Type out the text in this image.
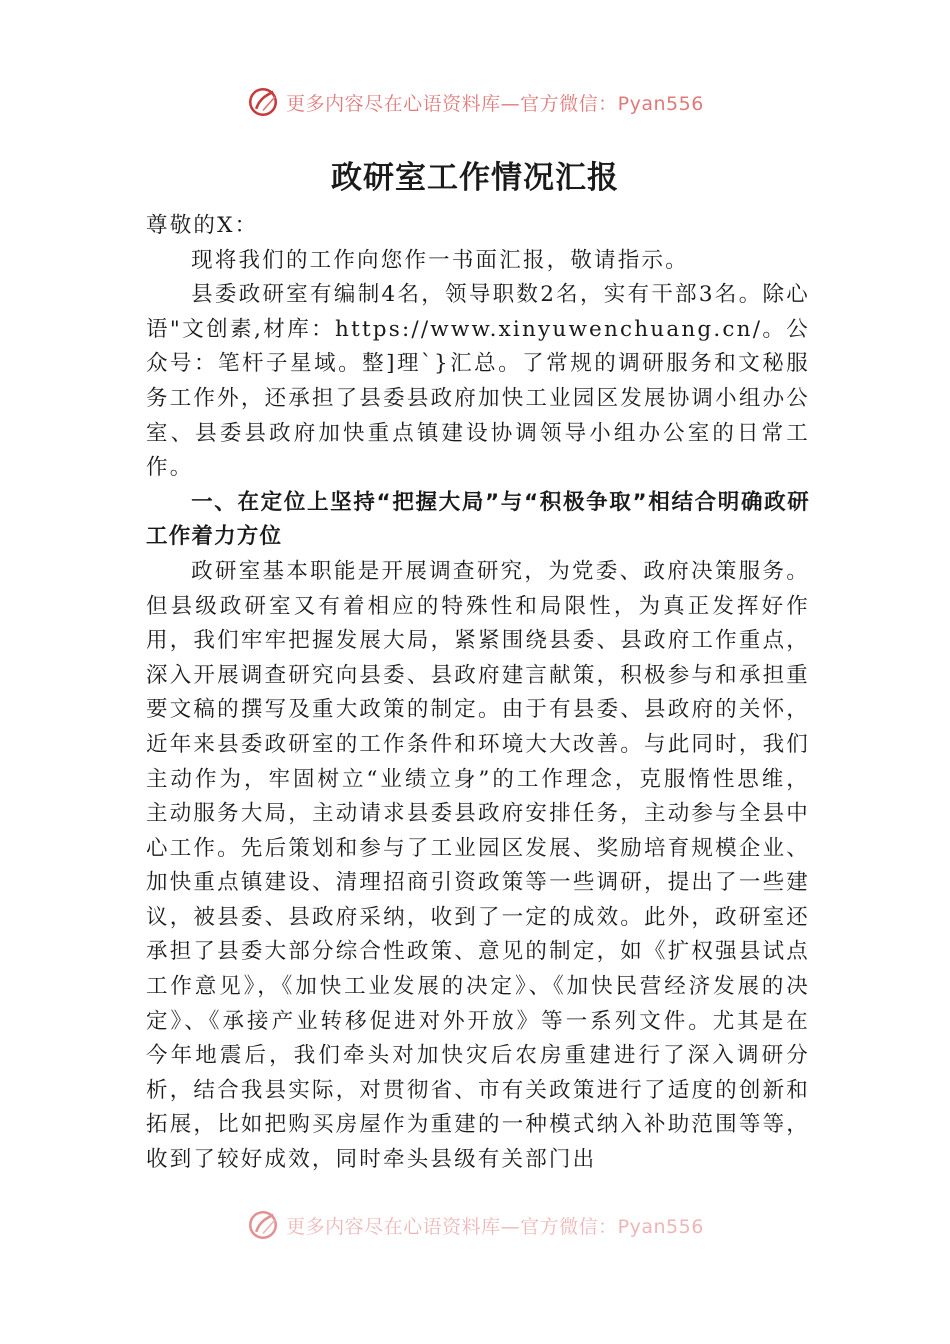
更多内容尽在心语资料库—官方微信：Pyan556
政研室工作情况汇报

尊敬的X：

现将我们的工作向您作一书面汇报，敬请指示。

县委政研室有编制4名，领导职数2名，实有干部3名。除心语"文创素,材库：https://www.xinyuwenchuang.cn/。公众号：笔杆子星域。整]理`}汇总。了常规的调研服务和文秘服务工作外，还承担了县委县政府加快工业园区发展协调小组办公室、县委县政府加快重点镇建设协调领导小组办公室的日常工作。

一、在定位上坚持“把握大局”与“积极争取”相结合明确政研工作着力方位

政研室基本职能是开展调查研究，为党委、政府决策服务。但县级政研室又有着相应的特殊性和局限性，为真正发挥好作用，我们牢牢把握发展大局，紧紧围绕县委、县政府工作重点，深入开展调查研究向县委、县政府建言献策，积极参与和承担重要文稿的撰写及重大政策的制定。由于有县委、县政府的关怀，近年来县委政研室的工作条件和环境大大改善。与此同时，我们主动作为，牢固树立“业绩立身”的工作理念，克服惰性思维，主动服务大局，主动请求县委县政府安排任务，主动参与全县中心工作。先后策划和参与了工业园区发展、奖励培育规模企业、加快重点镇建设、清理招商引资政策等一些调研，提出了一些建议，被县委、县政府采纳，收到了一定的成效。此外，政研室还承担了县委大部分综合性政策、意见的制定，如《扩权强县试点工作意见》，《加快工业发展的决定》、《加快民营经济发展的决定》、《承接产业转移促进对外开放》等一系列文件。尤其是在今年地震后，我们牵头对加快灾后农房重建进行了深入调研分析，结合我县实际，对贯彻省、市有关政策进行了适度的创新和拓展，比如把购买房屋作为重建的一种模式纳入补助范围等等，收到了较好成效，同时牵头县级有关部门出

更多内容尽在心语资料库—官方微信：Pyan556
